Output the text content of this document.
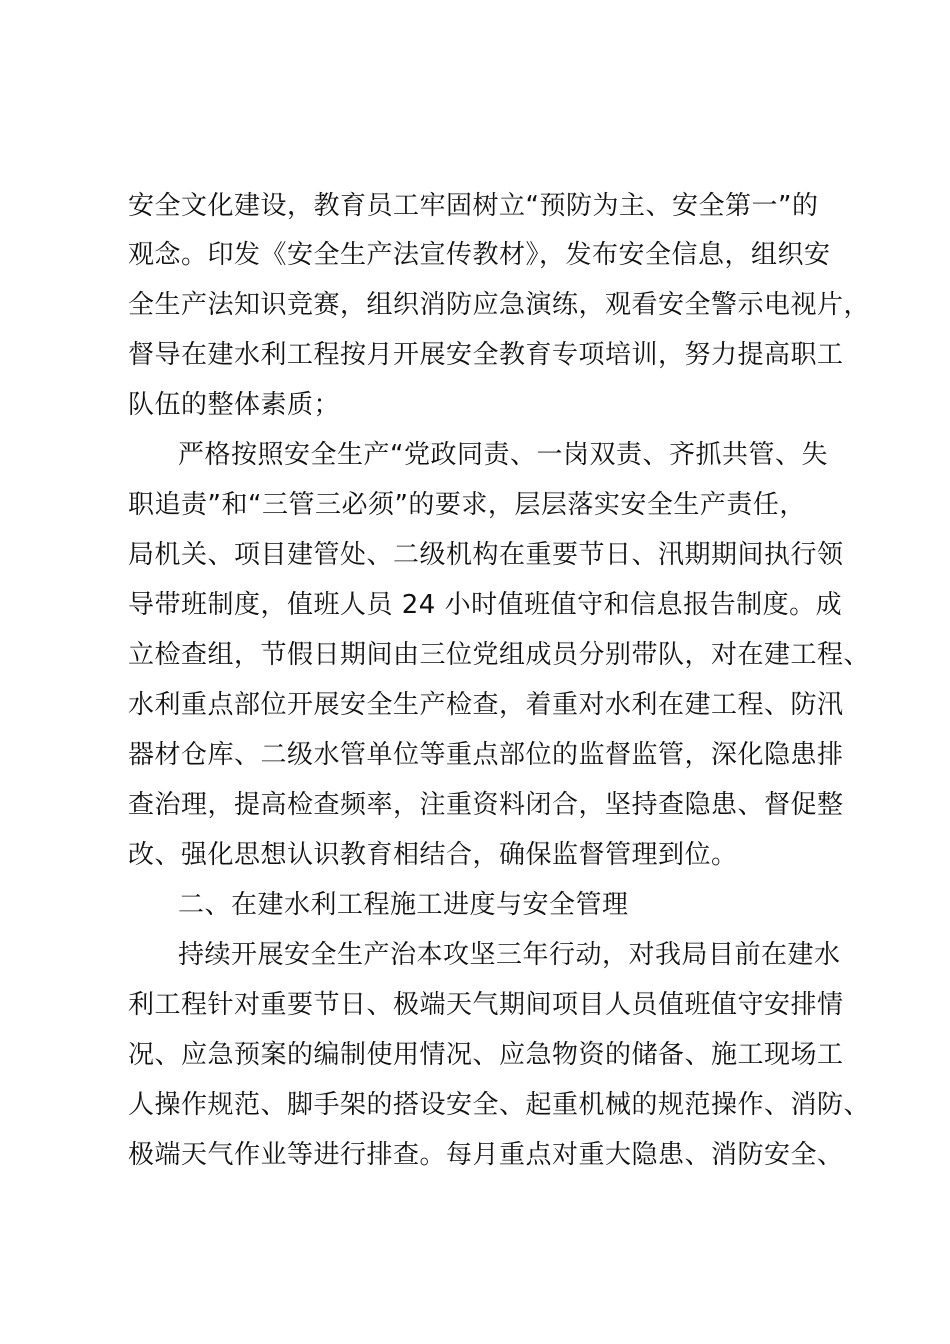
安全文化建设，教育员工牢固树立“预防为主、安全第一”的
观念。印发《安全生产法宣传教材》，发布安全信息，组织安
全生产法知识竞赛，组织消防应急演练，观看安全警示电视片，
督导在建水利工程按月开展安全教育专项培训，努力提高职工
队伍的整体素质；
严格按照安全生产“党政同责、一岗双责、齐抓共管、失
职追责”和“三管三必须”的要求，层层落实安全生产责任，
局机关、项目建管处、二级机构在重要节日、汛期期间执行领
导带班制度，值班人员 24 小时值班值守和信息报告制度。成
立检查组，节假日期间由三位党组成员分别带队，对在建工程、
水利重点部位开展安全生产检查，着重对水利在建工程、防汛
器材仓库、二级水管单位等重点部位的监督监管，深化隐患排
查治理，提高检查频率，注重资料闭合，坚持查隐患、督促整
改、强化思想认识教育相结合，确保监督管理到位。
二、在建水利工程施工进度与安全管理
持续开展安全生产治本攻坚三年行动，对我局目前在建水
利工程针对重要节日、极端天气期间项目人员值班值守安排情
况、应急预案的编制使用情况、应急物资的储备、施工现场工
人操作规范、脚手架的搭设安全、起重机械的规范操作、消防、
极端天气作业等进行排查。每月重点对重大隐患、消防安全、
